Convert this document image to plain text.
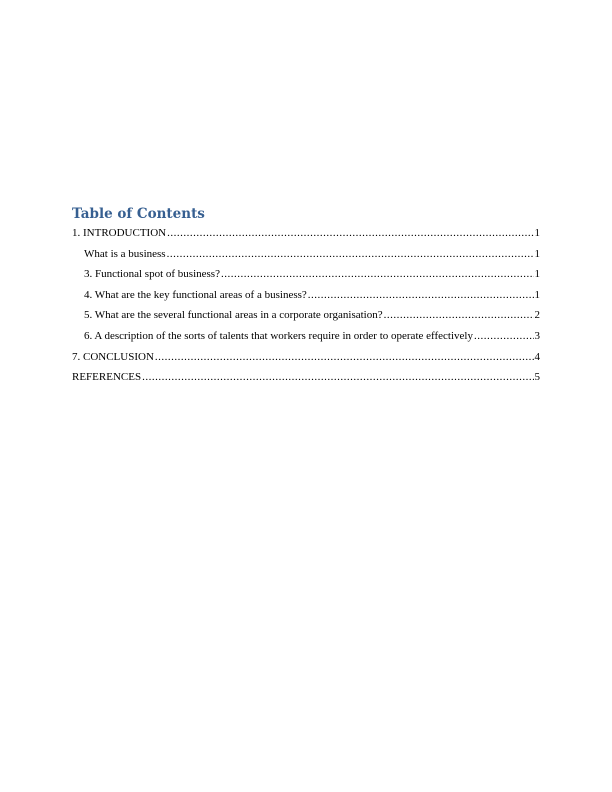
Table of Contents
1. INTRODUCTION .....	1
What is a business .....	1
3. Functional spot of business? .....	1
4. What are the key functional areas of a business? .....	1
5. What are the several functional areas in a corporate organisation? .....	2
6. A description of the sorts of talents that workers require in order to operate effectively .....	3
7. CONCLUSION .....	4
REFERENCES .....	5
